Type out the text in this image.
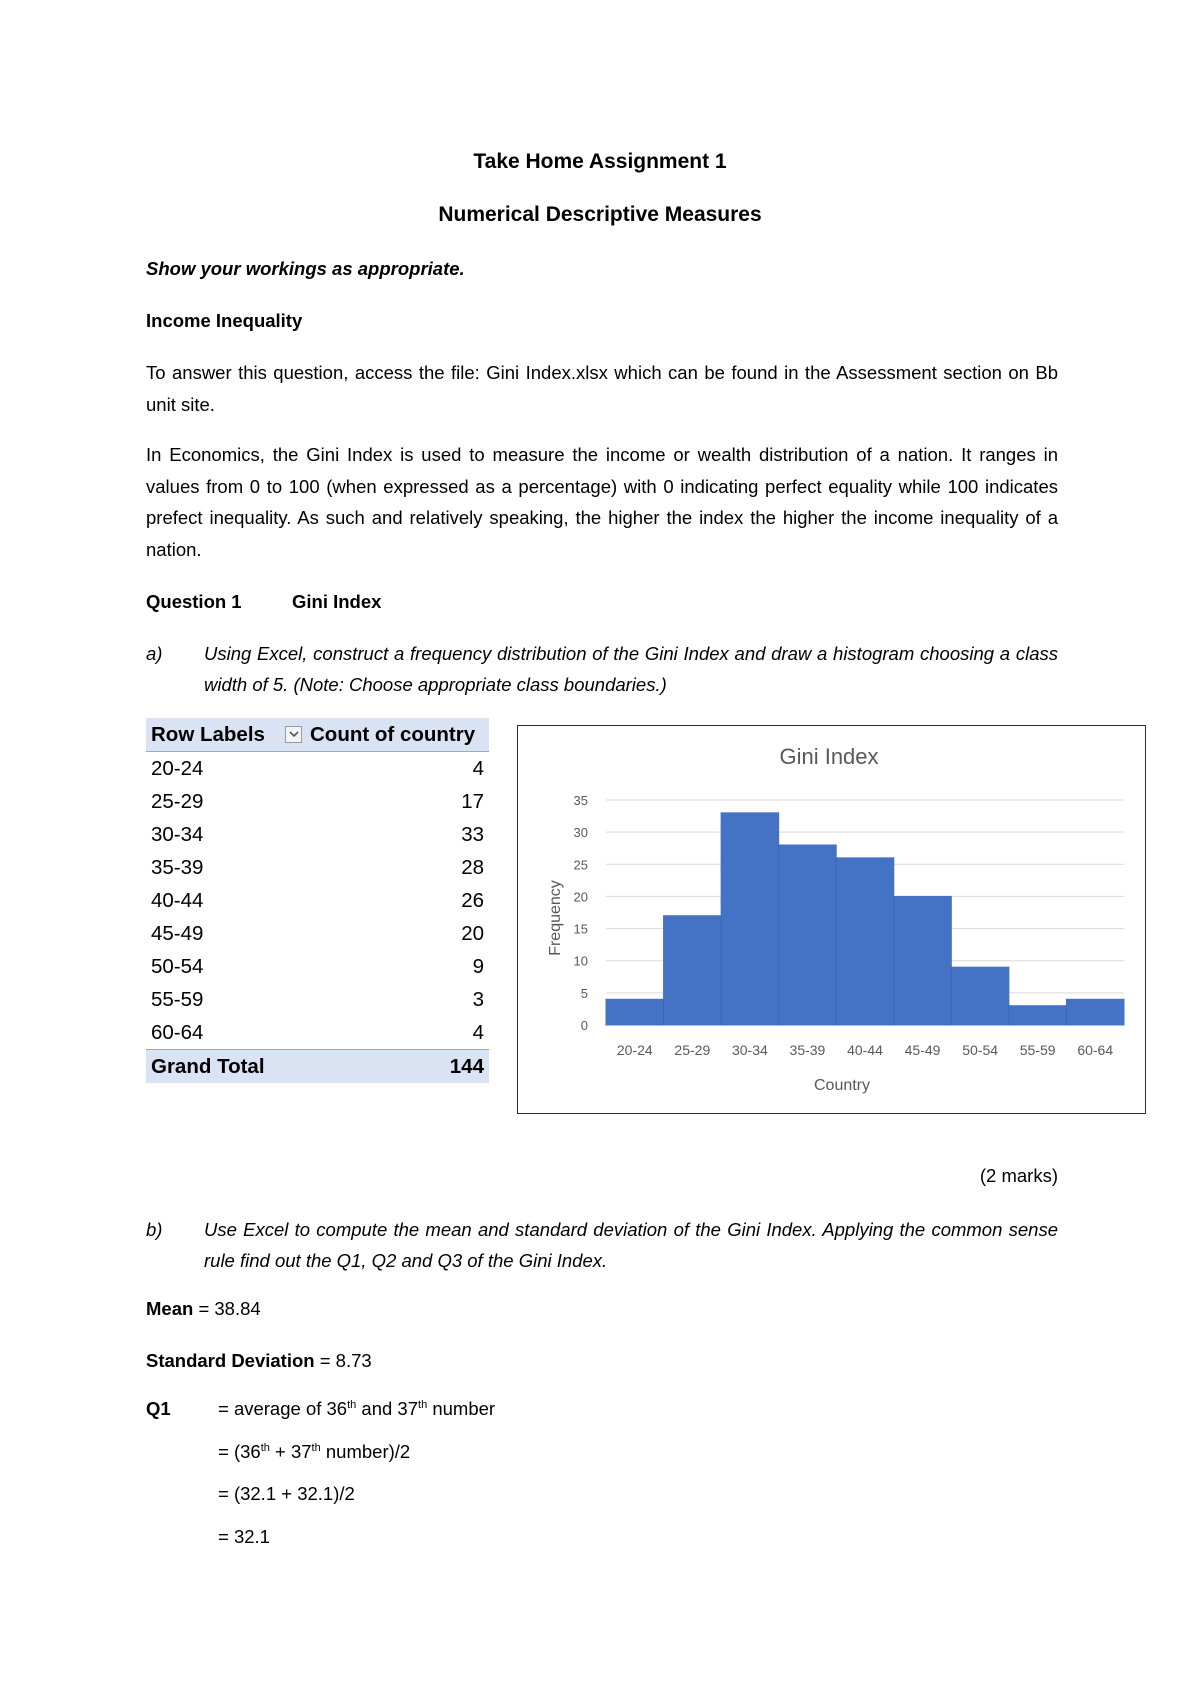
Take Home Assignment 1
Numerical Descriptive Measures
Show your workings as appropriate.
Income Inequality

To answer this question, access the file: Gini Index.xlsx which can be found in the Assessment section on Bb unit site.

In Economics, the Gini Index is used to measure the income or wealth distribution of a nation. It ranges in values from 0 to 100 (when expressed as a percentage) with 0 indicating perfect equality while 100 indicates prefect inequality. As such and relatively speaking, the higher the index the higher the income inequality of a nation.

Question 1	Gini Index
a) Using Excel, construct a frequency distribution of the Gini Index and draw a histogram choosing a class width of 5. (Note: Choose appropriate class boundaries.)

Row Labels Count of country
20-24	4
25-29	17
30-34	33
35-39	28
40-44	26
45-49	20
50-54	9
55-59	3
60-64	4
Grand Total	144
Gini Index
0
5
10
15
20
25
30
35
20-24 25-29 30-34 35-39 40-44 45-49 50-54 55-59 60-64
Country
Frequency
(2 marks)
b) Use Excel to compute the mean and standard deviation of the Gini Index. Applying the common sense rule find out the Q1, Q2 and Q3 of the Gini Index.

Mean = 38.84
Standard Deviation = 8.73
Q1	= average of 36th and 37th number
= (36th + 37th number)/2
= (32.1 + 32.1)/2
= 32.1
